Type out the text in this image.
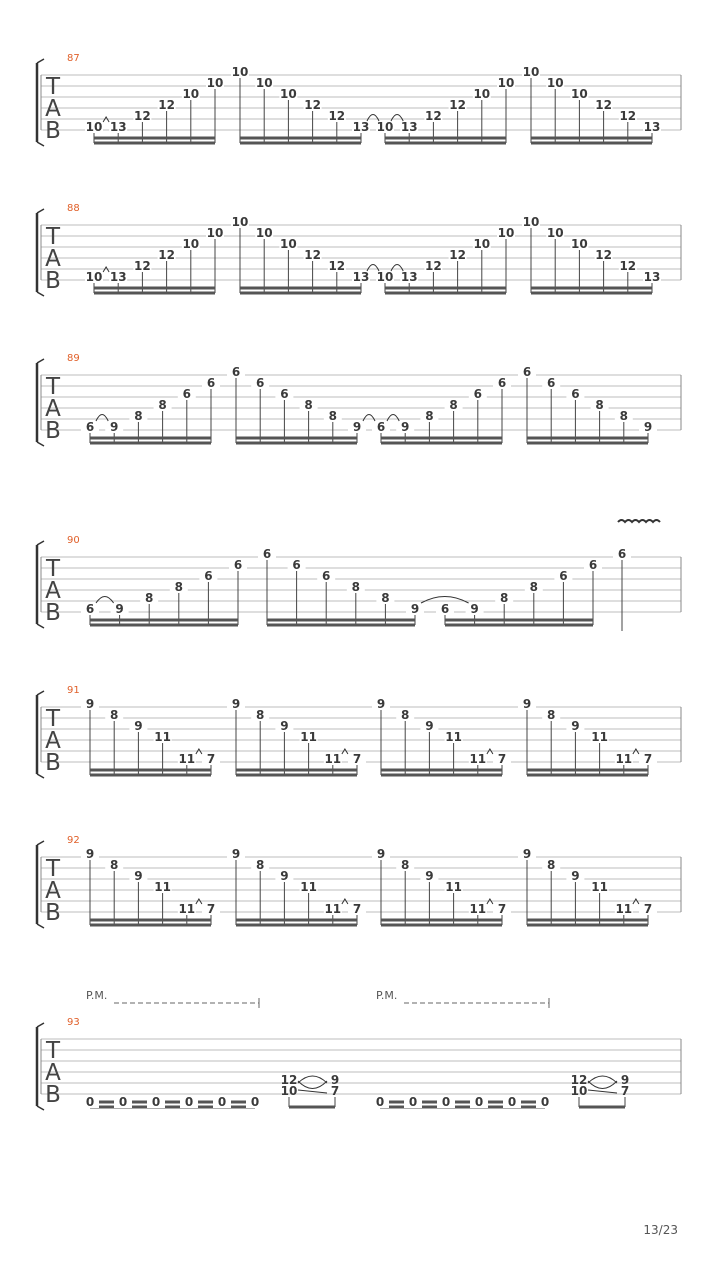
T
A
B
87
10 13
12
12
10
10
10
10
10
12
12
13 10 13
12
12
10
10
10
10
10
12
12
13
T
A
B
88
10 13
12
12
10
10
10
10
10
12
12
13 10 13
12
12
10
10
10
10
10
12
12
13
T
A
B
89
6 9
8
8
6
6
6
6
6
8
8
9 6 9
8
8
6
6
6
6
6
8
8
9
T
A
B
90
6 9
8
8
6
6
6
6
6
8
8
9 6 9
8
8
6
6
6
T
A
B
91
9
8
9
11
11 7
9
8
9
11
11 7
9
8
9
11
11 7
9
8
9
11
11 7
T
A
B
92
9
8
9
11
11 7
9
8
9
11
11 7
9
8
9
11
11 7
9
8
9
11
11 7
T
A
B
93
0 0 0 0 0 0
12
10
9
7
0 0 0 0 0 0
12
10
9
7
P.M.	P.M.
13/23
